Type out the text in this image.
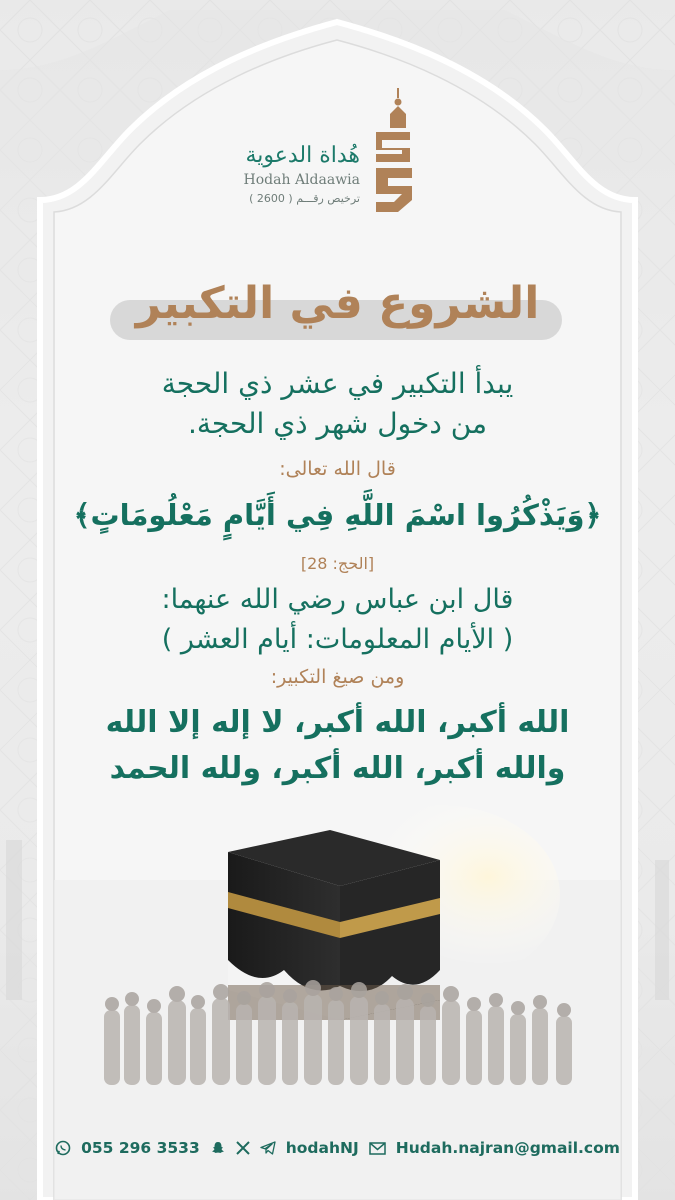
هُداة الدعوية
Hodah Aldaawia
ترخيص رقـــم ( 2600 )
الشروع في التكبير
يبدأ التكبير في عشر ذي الحجة
من دخول شهر ذي الحجة.
قال الله تعالى:
﴿وَيَذْكُرُوا اسْمَ اللَّهِ فِي أَيَّامٍ مَعْلُومَاتٍ﴾
[الحج: 28]
قال ابن عباس رضي الله عنهما:
( الأيام المعلومات: أيام العشر )
ومن صيغ التكبير:
الله أكبر، الله أكبر، لا إله إلا الله
والله أكبر، الله أكبر، ولله الحمد
055 296 3533	hodahNJ Hudah.najran@gmail.com
